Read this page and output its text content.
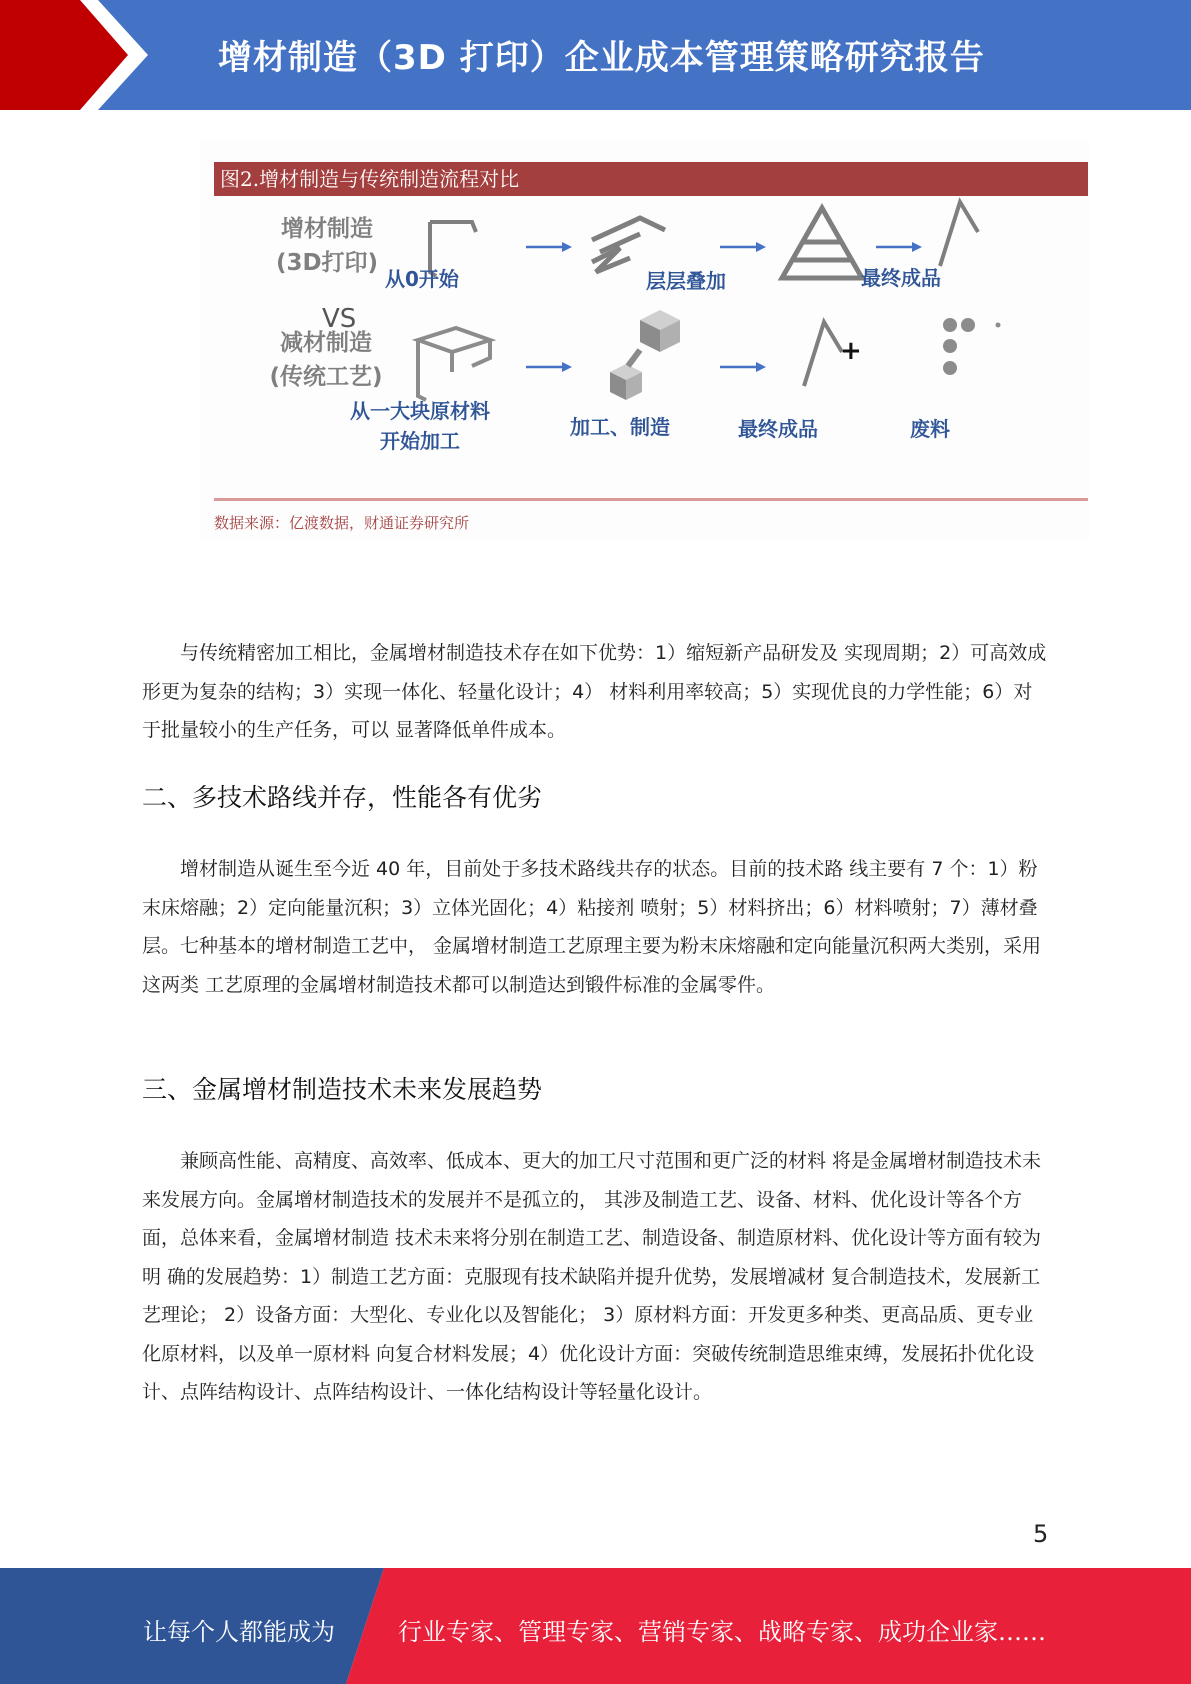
增材制造（3D 打印）企业成本管理策略研究报告
图2.增材制造与传统制造流程对比
增材制造
(3D打印)
VS
减材制造
(传统工艺)
从0开始	层层叠加	最终成品
从一大块原材料
开始加工
加工、制造	最终成品
+
废料
数据来源：亿渡数据，财通证券研究所

与传统精密加工相比，金属增材制造技术存在如下优势：1）缩短新产品研发及 实现周期；2）可高效成形更为复杂的结构；3）实现一体化、轻量化设计；4） 材料利用率较高；5）实现优良的力学性能；6）对于批量较小的生产任务，可以 显著降低单件成本。

二、多技术路线并存，性能各有优劣

增材制造从诞生至今近 40 年，目前处于多技术路线共存的状态。目前的技术路 线主要有 7 个：1）粉末床熔融；2）定向能量沉积；3）立体光固化；4）粘接剂 喷射；5）材料挤出；6）材料喷射；7）薄材叠层。七种基本的增材制造工艺中， 金属增材制造工艺原理主要为粉末床熔融和定向能量沉积两大类别，采用这两类 工艺原理的金属增材制造技术都可以制造达到锻件标准的金属零件。

三、金属增材制造技术未来发展趋势

兼顾高性能、高精度、高效率、低成本、更大的加工尺寸范围和更广泛的材料 将是金属增材制造技术未来发展方向。金属增材制造技术的发展并不是孤立的， 其涉及制造工艺、设备、材料、优化设计等各个方面，总体来看，金属增材制造 技术未来将分别在制造工艺、制造设备、制造原材料、优化设计等方面有较为明 确的发展趋势：1）制造工艺方面：克服现有技术缺陷并提升优势，发展增减材 复合制造技术，发展新工艺理论； 2）设备方面：大型化、专业化以及智能化； 3）原材料方面：开发更多种类、更高品质、更专业化原材料，以及单一原材料 向复合材料发展；4）优化设计方面：突破传统制造思维束缚，发展拓扑优化设 计、点阵结构设计、点阵结构设计、一体化结构设计等轻量化设计。

5
让每个人都能成为	行业专家、管理专家、营销专家、战略专家、成功企业家……
